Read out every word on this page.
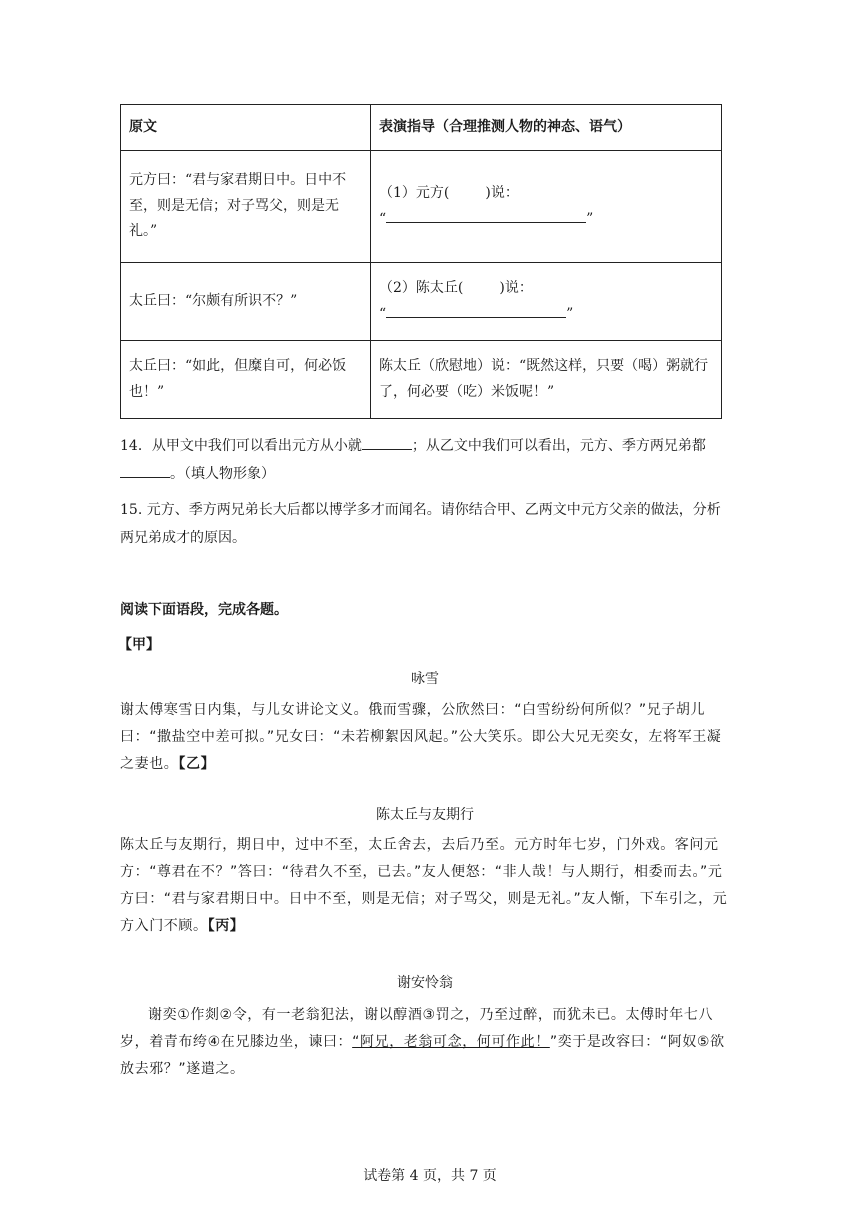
原文	表演指导（合理推测人物的神态、语气）
元方曰：“君与家君期日中。日中不至，则是无信；对子骂父，则是无礼。”	（1）元方( )说：
“ ”

太丘曰：“尔颇有所识不？”	（2）陈太丘( )说：
“ ”

太丘曰：“如此，但糜自可，何必饭也！”	陈太丘（欣慰地）说：“既然这样，只要（喝）粥就行了，何必要（吃）米饭呢！”
14．从甲文中我们可以看出元方从小就	；从乙文中我们可以看出，元方、季方两兄弟都。（填人物形象）
15. 元方、季方两兄弟长大后都以博学多才而闻名。请你结合甲、乙两文中元方父亲的做法，分析两兄弟成才的原因。
阅读下面语段，完成各题。
【甲】
咏雪
谢太傅寒雪日内集，与儿女讲论文义。俄而雪骤，公欣然曰：“白雪纷纷何所似？”兄子胡儿曰：“撒盐空中差可拟。”兄女曰：“未若柳絮因风起。”公大笑乐。即公大兄无奕女，左将军王凝之妻也。【乙】
陈太丘与友期行
陈太丘与友期行，期日中，过中不至，太丘舍去，去后乃至。元方时年七岁，门外戏。客问元方：“尊君在不？”答曰：“待君久不至，已去。”友人便怒：“非人哉！与人期行，相委而去。”元方曰：“君与家君期日中。日中不至，则是无信；对子骂父，则是无礼。”友人惭，下车引之，元方入门不顾。【丙】
谢安怜翁
谢奕①作剡②令，有一老翁犯法，谢以醇酒③罚之，乃至过醉，而犹未已。太傅时年七八岁，着青布绔④在兄膝边坐，谏曰：“阿兄，老翁可念，何可作此！”奕于是改容曰：“阿奴⑤欲放去邪？”遂遣之。
试卷第 4 页，共 7 页
